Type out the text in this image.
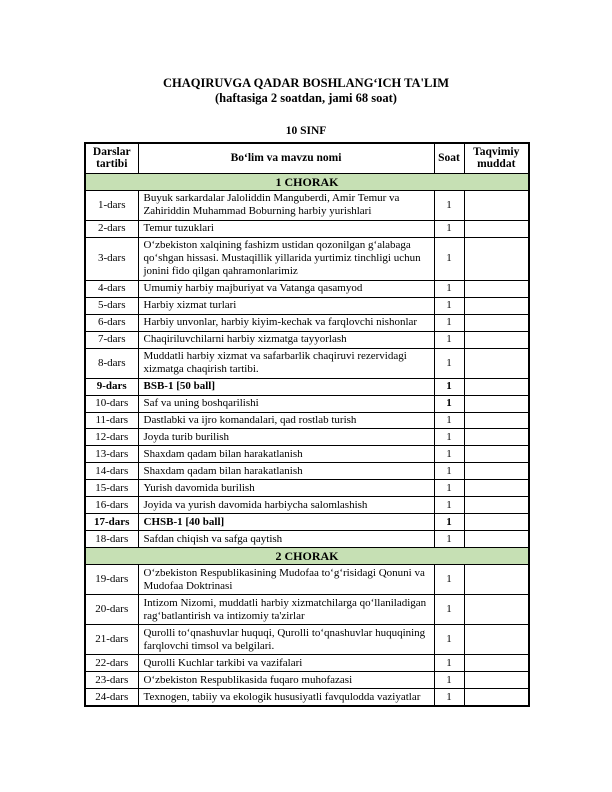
CHAQIRUVGA QADAR BOSHLANGʻICH TA'LIM
(haftasiga 2 soatdan, jami 68 soat)
10 SINF
Darslar tartibi	Boʻlim va mavzu nomi	Soat	Taqvimiy muddat
1 CHORAK			
1-dars	Buyuk sarkardalar Jaloliddin Manguberdi, Amir Temur va Zahiriddin Muhammad Boburning harbiy yurishlari	1	
2-dars	Temur tuzuklari	1	
3-dars	Oʻzbekiston xalqining fashizm ustidan qozonilgan gʻalabaga qoʻshgan hissasi. Mustaqillik yillarida yurtimiz tinchligi uchun jonini fido qilgan qahramonlarimiz	1	
4-dars	Umumiy harbiy majburiyat va Vatanga qasamyod	1	
5-dars	Harbiy xizmat turlari	1	
6-dars	Harbiy unvonlar, harbiy kiyim-kechak va farqlovchi nishonlar	1	
7-dars	Chaqiriluvchilarni harbiy xizmatga tayyorlash	1	
8-dars	Muddatli harbiy xizmat va safarbarlik chaqiruvi rezervidagi xizmatga chaqirish tartibi.	1	
9-dars	BSB-1 [50 ball]	1	
10-dars	Saf va uning boshqarilishi	1	
11-dars	Dastlabki va ijro komandalari, qad rostlab turish	1	
12-dars	Joyda turib burilish	1	
13-dars	Shaxdam qadam bilan harakatlanish	1	
14-dars	Shaxdam qadam bilan harakatlanish	1	
15-dars	Yurish davomida burilish	1	
16-dars	Joyida va yurish davomida harbiycha salomlashish	1	
17-dars	CHSB-1 [40 ball]	1	
18-dars	Safdan chiqish va safga qaytish	1	
2 CHORAK			
19-dars	Oʻzbekiston Respublikasining Mudofaa toʻgʻrisidagi Qonuni va Mudofaa Doktrinasi	1	
20-dars	Intizom Nizomi, muddatli harbiy xizmatchilarga qoʻllaniladigan ragʻbatlantirish va intizomiy ta'zirlar	1	
21-dars	Qurolli toʻqnashuvlar huquqi, Qurolli toʻqnashuvlar huquqining farqlovchi timsol va belgilari.	1	
22-dars	Qurolli Kuchlar tarkibi va vazifalari	1	
23-dars	Oʻzbekiston Respublikasida fuqaro muhofazasi	1	
24-dars	Texnogen, tabiiy va ekologik hususiyatli favqulodda vaziyatlar	1	
